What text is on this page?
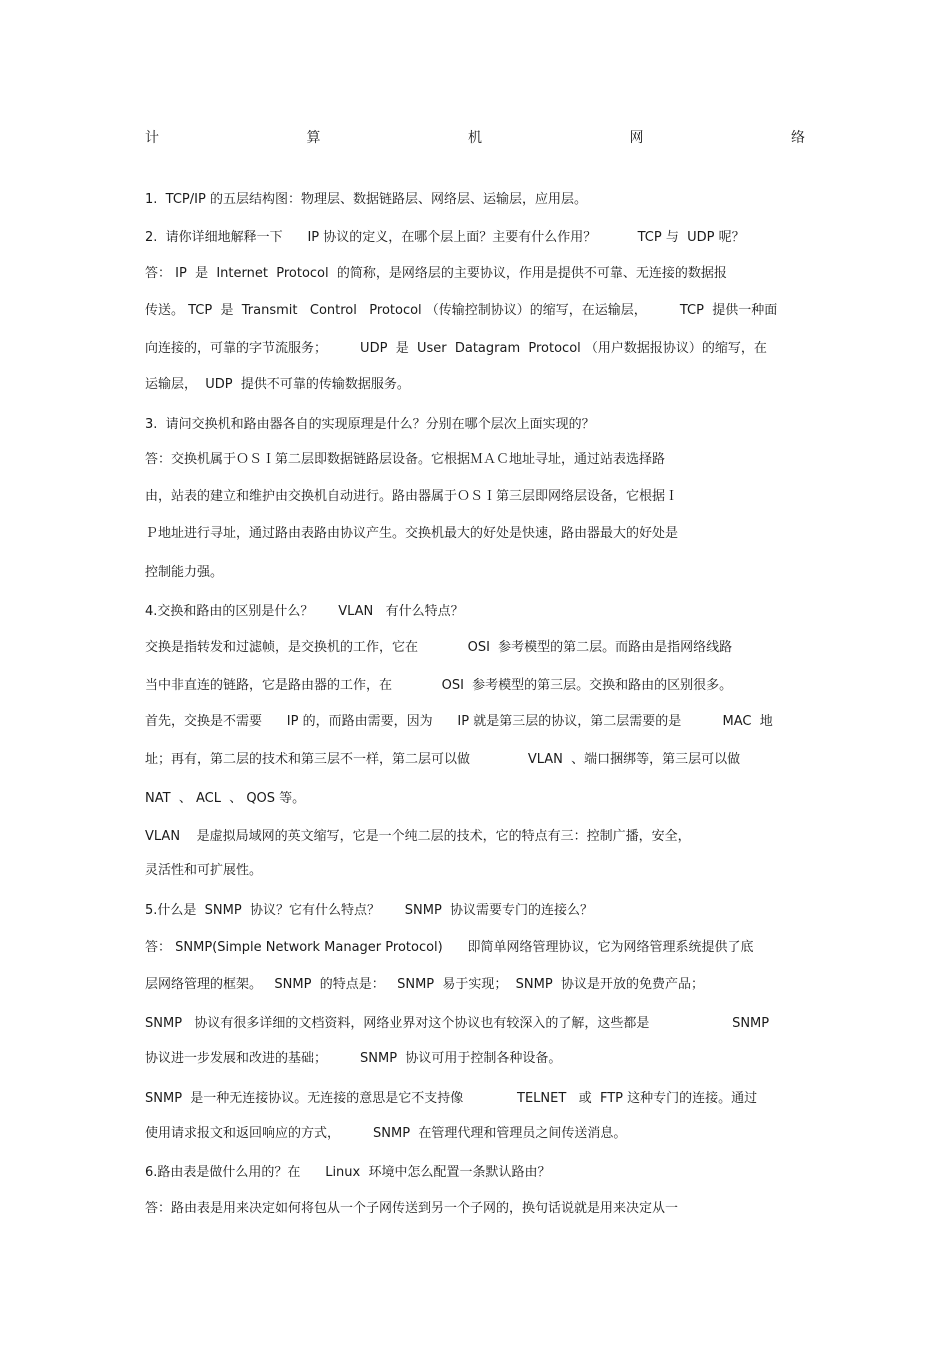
计	算	机	网	络
1.  TCP/IP 的五层结构图：物理层、数据链路层、网络层、运输层，应用层。
2.  请你详细地解释一下      IP 协议的定义，在哪个层上面？主要有什么作用？          TCP 与  UDP 呢？
答： IP  是  Internet  Protocol  的简称，是网络层的主要协议，作用是提供不可靠、无连接的数据报
传送。 TCP  是  Transmit   Control   Protocol （传输控制协议）的缩写，在运输层，        TCP  提供一种面
向连接的，可靠的字节流服务；        UDP  是  User  Datagram  Protocol （用户数据报协议）的缩写，在
运输层，  UDP  提供不可靠的传输数据服务。
3.  请问交换机和路由器各自的实现原理是什么？分别在哪个层次上面实现的？
答：交换机属于ＯＳＩ第二层即数据链路层设备。它根据ＭＡＣ地址寻址，通过站表选择路
由，站表的建立和维护由交换机自动进行。路由器属于ＯＳＩ第三层即网络层设备，它根据Ｉ
Ｐ地址进行寻址，通过路由表路由协议产生。交换机最大的好处是快速，路由器最大的好处是
控制能力强。
4.交换和路由的区别是什么？      VLAN   有什么特点？
交换是指转发和过滤帧，是交换机的工作，它在            OSI  参考模型的第二层。而路由是指网络线路
当中非直连的链路，它是路由器的工作，在            OSI  参考模型的第三层。交换和路由的区别很多。
首先，交换是不需要      IP 的，而路由需要，因为      IP 就是第三层的协议，第二层需要的是          MAC  地
址；再有，第二层的技术和第三层不一样，第二层可以做              VLAN  、端口捆绑等，第三层可以做
NAT  、 ACL  、 QOS 等。
VLAN    是虚拟局域网的英文缩写，它是一个纯二层的技术，它的特点有三：控制广播，安全，
灵活性和可扩展性。
5.什么是  SNMP  协议？它有什么特点？      SNMP  协议需要专门的连接么？
答： SNMP(Simple Network Manager Protocol)      即简单网络管理协议，它为网络管理系统提供了底
层网络管理的框架。   SNMP  的特点是：   SNMP  易于实现；  SNMP  协议是开放的免费产品；
SNMP   协议有很多详细的文档资料，网络业界对这个协议也有较深入的了解，这些都是                    SNMP
协议进一步发展和改进的基础；        SNMP  协议可用于控制各种设备。
SNMP  是一种无连接协议。无连接的意思是它不支持像             TELNET   或  FTP 这种专门的连接。通过
使用请求报文和返回响应的方式，        SNMP  在管理代理和管理员之间传送消息。
6.路由表是做什么用的？在      Linux  环境中怎么配置一条默认路由？
答：路由表是用来决定如何将包从一个子网传送到另一个子网的，换句话说就是用来决定从一
